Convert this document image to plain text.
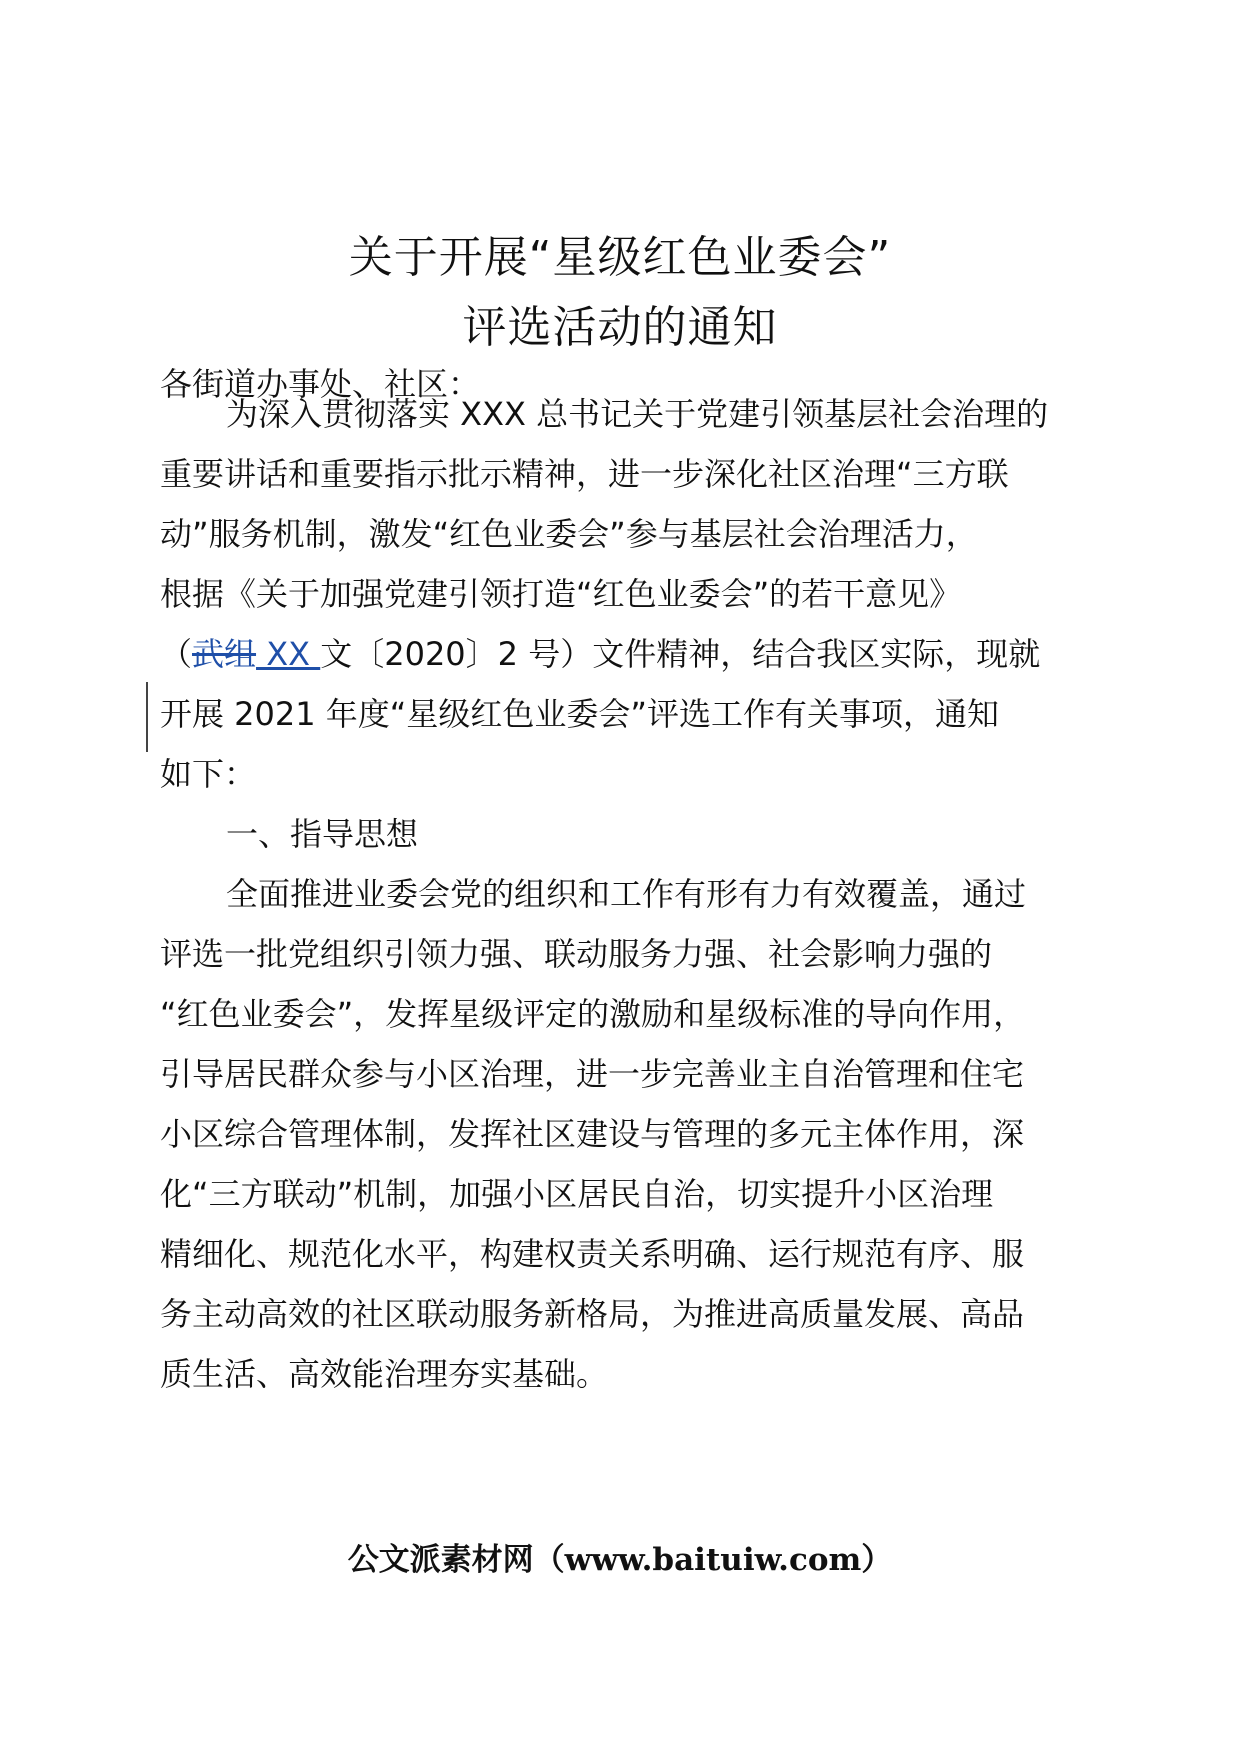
关于开展“星级红色业委会”
评选活动的通知
各街道办事处、社区：
为深入贯彻落实 XXX 总书记关于党建引领基层社会治理的
重要讲话和重要指示批示精神，进一步深化社区治理“三方联
动”服务机制，激发“红色业委会”参与基层社会治理活力，
根据《关于加强党建引领打造“红色业委会”的若干意见》
（武组 XX 文〔2020〕2 号）文件精神，结合我区实际，现就
开展 2021 年度“星级红色业委会”评选工作有关事项，通知
如下：
一、指导思想
全面推进业委会党的组织和工作有形有力有效覆盖，通过
评选一批党组织引领力强、联动服务力强、社会影响力强的
“红色业委会”，发挥星级评定的激励和星级标准的导向作用，
引导居民群众参与小区治理，进一步完善业主自治管理和住宅
小区综合管理体制，发挥社区建设与管理的多元主体作用，深
化“三方联动”机制，加强小区居民自治，切实提升小区治理
精细化、规范化水平，构建权责关系明确、运行规范有序、服
务主动高效的社区联动服务新格局，为推进高质量发展、高品
质生活、高效能治理夯实基础。
公文派素材网（www.baituiw.com）
